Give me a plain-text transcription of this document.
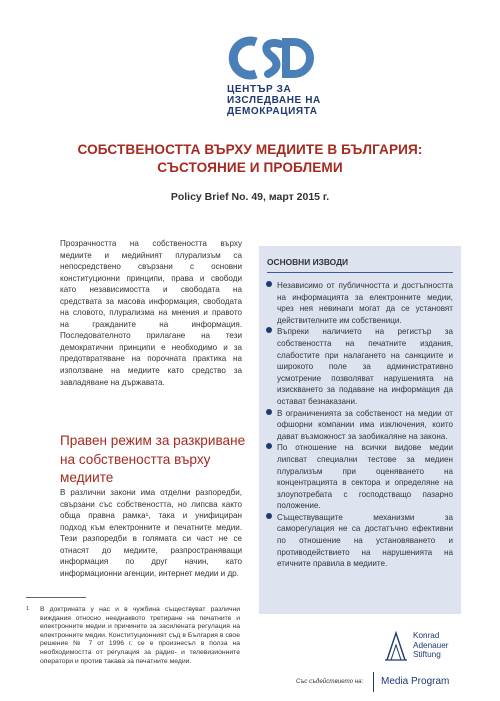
ЦЕНТЪР ЗА
ИЗСЛЕДВАНЕ НА
ДЕМОКРАЦИЯТА
СОБСТВЕНОСТТА ВЪРХУ МЕДИИТЕ В БЪЛГАРИЯ:
СЪСТОЯНИЕ И ПРОБЛЕМИ
Policy Brief No. 49, март 2015 г.

Прозрачността на собствеността върху медиите и медийният плурализъм са непосредствено свързани с основни конституционни принципи, права и свободи като независимостта и свободата на средствата за масова информация, свободата на словото, плурализма на мнения и правото на гражданите на информация. Последователното прилагане на тези демократични принципи е необходимо и за предотвратяване на порочната практика на използване на медиите като средство за завладяване на държавата.

Правен режим за разкриване на собствеността върху медиите

В различни закони има отделни разпоредби, свързани със собствеността, но липсва както обща правна рамка¹, така и унифициран подход към електронните и печатните медии. Тези разпоредби в голямата си част не се отнасят до медиите, разпространяващи информация по друг начин, като информационни агенции, интернет медии и др.

1 В доктрината у нас и в чужбина съществуват различни виждания относно нееднаквото третиране на печатните и електронните медии и причините за засилената регулация на електронните медии. Конституционният съд в България в свое решение № 7 от 1996 г. се е произнесъл в полза на необходимостта от регулация за радио- и телевизионните оператори и против такава за печатните медии.

ОСНОВНИ ИЗВОДИ
Независимо от публичността и достъпността на информацията за електронните медии, чрез нея невинаги могат да се установят действителните им собственици.
Въпреки наличието на регистър за собствеността на печатните издания, слабостите при налагането на санкциите и широкото поле за административно усмотрение позволяват нарушенията на изискването за подаване на информация да остават безнаказани.
В ограниченията за собственост на медии от офшорни компании има изключения, които дават възможност за заобикаляне на закона.
По отношение на всички видове медии липсват специални тестове за медиен плурализъм при оценяването на концентрацията в сектора и определяне на злоупотребата с господстващо пазарно положение.
Съществуващите механизми за саморегулация не са достатъчно ефективни по отношение на установяването и противодействието на нарушенията на етичните правила в медиите.
Konrad
Adenauer
Stiftung
Със съдействието на: Media Program
